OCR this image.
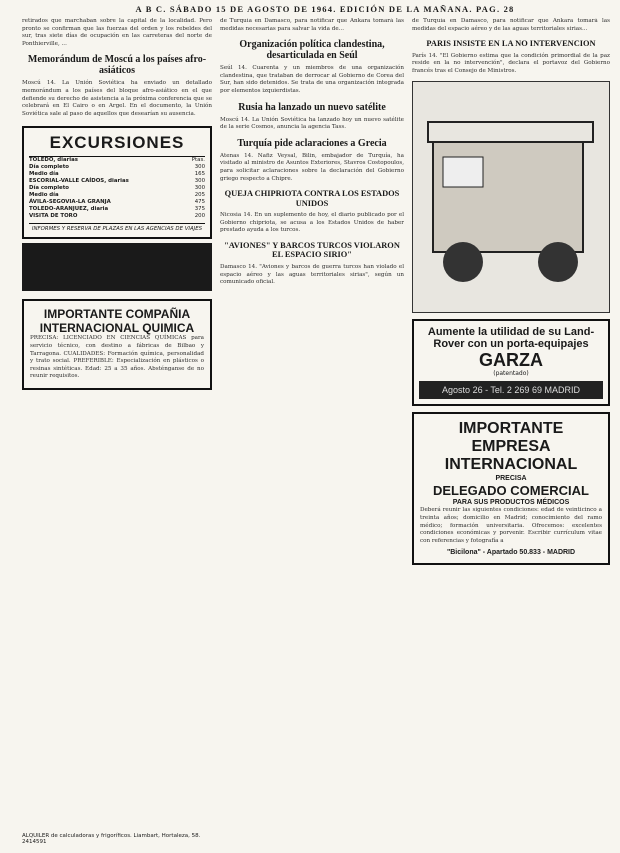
A B C. SÁBADO 15 DE AGOSTO DE 1964. EDICIÓN DE LA MAÑANA. PAG. 28

retirados que marchaban sobre la capital de la localidad. Pero pronto se confirman que las fuerzas del orden y los rebeldes del sur, tras siete días de ocupación en las carreteras del norte de Ponthierville, ...

Memorándum de Moscú a los países afro-asiáticos

Moscú 14. La Unión Soviética ha enviado un detallado memorándum a los países del bloque afro-asiático en el que defiende su derecho de asistencia a la próxima conferencia que se celebrará en El Cairo o en Argel. En el documento, la Unión Soviética sale al paso de aquellos que desearían su ausencia.

EXCURSIONES
TOLEDO, diarias	Ptas.
Día completo	300
Medio día	165
ESCORIAL-VALLE CAÍDOS, diarias	300
Día completo	300
Medio día	205
ÁVILA-SEGOVIA-LA GRANJA	475
TOLEDO-ARANJUEZ, diaria	375
VISITA DE TORO	200
INFORMES Y RESERVA DE PLAZAS EN LAS AGENCIAS DE VIAJES
IMPORTANTE COMPAÑIA INTERNACIONAL QUIMICA

PRECISA: LICENCIADO EN CIENCIAS QUÍMICAS para servicio técnico, con destino a fábricas de Bilbao y Tarragona. CUALIDADES: Formación química, personalidad y trato social. PREFERIBLE: Especialización en plásticos o resinas sintéticas. Edad: 25 a 35 años. Absténganse de no reunir requisitos.

ALQUILER de calculadoras y frigoríficos. Liambart, Hortaleza, 58. 2414591

de Turquía en Damasco, para notificar que Ankara tomará las medidas necesarias para salvar la vida de...

Organización política clandestina, desarticulada en Seúl

Seúl 14. Cuarenta y un miembros de una organización clandestina, que trataban de derrocar al Gobierno de Corea del Sur, han sido detenidos. Se trata de una organización integrada por elementos izquierdistas.

Rusia ha lanzado un nuevo satélite

Moscú 14. La Unión Soviética ha lanzado hoy un nuevo satélite de la serie Cosmos, anuncia la agencia Tass.

Turquía pide aclaraciones a Grecia

Atenas 14. Nafiz Veysal, Bilin, embajador de Turquía, ha visitado al ministro de Asuntos Exteriores, Stavros Costopoulos, para solicitar aclaraciones sobre la declaración del Gobierno griego respecto a Chipre.

QUEJA CHIPRIOTA CONTRA LOS ESTADOS UNIDOS

Nicosia 14. En un suplemento de hoy, el diario publicado por el Gobierno chipriota, se acusa a los Estados Unidos de haber prestado ayuda a los turcos.

"AVIONES" Y BARCOS TURCOS VIOLARON EL ESPACIO SIRIO"

Damasco 14. "Aviones y barcos de guerra turcos han violado el espacio aéreo y las aguas territoriales sirias", según un comunicado oficial.

de Turquía en Damasco, para notificar que Ankara tomará las medidas del espacio aéreo y de las aguas territoriales sirias...

PARIS INSISTE EN LA NO INTERVENCION

París 14. "El Gobierno estima que la condición primordial de la paz reside en la no intervención", declara el portavoz del Gobierno francés tras el Consejo de Ministros.

Aumente la utilidad de su Land-Rover con un porta-equipajes
GARZA
(patentado)
Agosto 26 - Tel. 2 269 69 MADRID
IMPORTANTE EMPRESA INTERNACIONAL
PRECISA
DELEGADO COMERCIAL
PARA SUS PRODUCTOS MÉDICOS

Deberá reunir las siguientes condiciones: edad de veinticinco a treinta años; domicilio en Madrid; conocimiento del ramo médico; formación universitaria. Ofrecemos: excelentes condiciones económicas y porvenir. Escribir currículum vitae con referencias y fotografía a

"Bicilona" - Apartado 50.833 - MADRID
